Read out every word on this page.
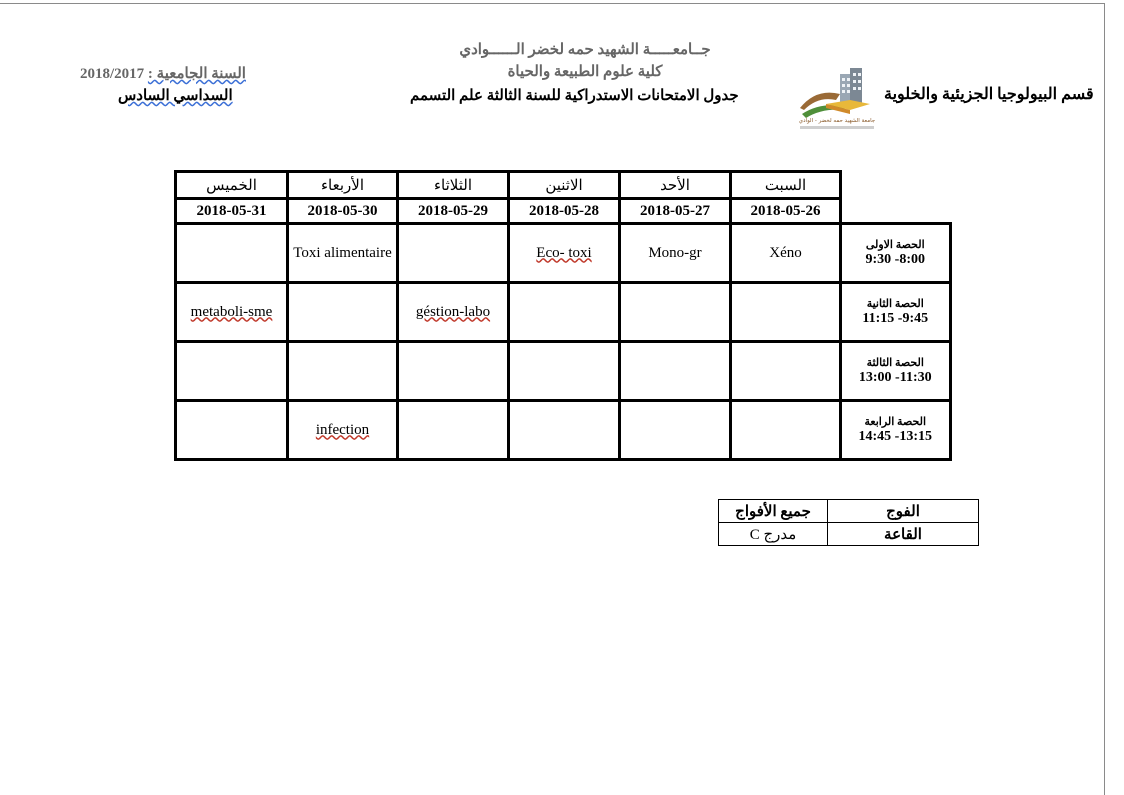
جــامعـــــة الشهيد حمه لخضر الــــــوادي
كلية علوم الطبيعة والحياة
جدول الامتحانات الاستدراكية للسنة الثالثة علم التسمم	قسم البيولوجيا الجزيئية والخلوية
2018/2017 السنة الجامعية :
السداسي السادس
جامعة الشهيد حمه لخضر - الوادي
الخميس	الأربعاء	الثلاثاء	الاثنين	الأحد	السبت	
2018-05-31	2018-05-30	2018-05-29	2018-05-28	2018-05-27	2018-05-26	
	Toxi alimentaire		Eco- toxi	Mono-gr	Xéno	الحصة الاولى
9:30 -8:00

metaboli-sme		géstion-labo				الحصة الثانية
11:15 -9:45

						الحصة الثالثة
13:00 -11:30

	infection					الحصة الرابعة
14:45 -13:15
جميع الأفواج	الفوج
مدرج C	القاعة
